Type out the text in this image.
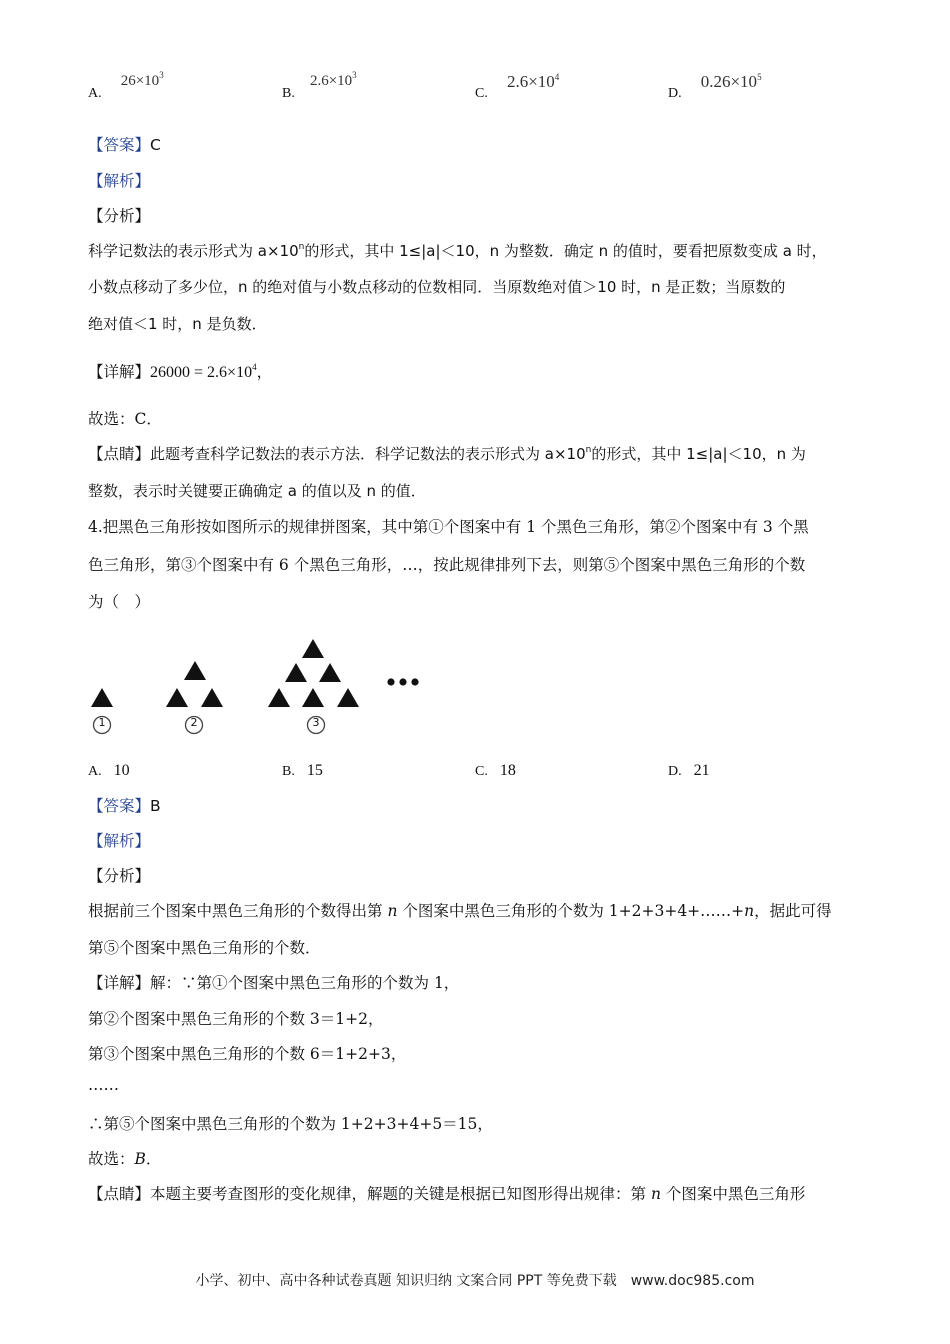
A. $26\times 10^3$
B. $2.6\times 10^3$
C. $2.6\times 10^4$
D. $0.26\times 10^5$
【答案】C
【解析】
【分析】
科学记数法的表示形式为 $a\times 10^n$的形式，其中 1≤|a|＜10，n 为整数．确定 n 的值时，要看把原数变成 a 时，
小数点移动了多少位，n 的绝对值与小数点移动的位数相同．当原数绝对值＞10 时，n 是正数；当原数的
绝对值＜1 时，n 是负数．
【详解】$26000 = 2.6\times 10^4$，
故选：C．
【点睛】此题考查科学记数法的表示方法．科学记数法的表示形式为 $a\times 10^n$的形式，其中 1≤|a|＜10，n 为
整数，表示时关键要正确确定 a 的值以及 n 的值．
4.把黑色三角形按如图所示的规律拼图案，其中第①个图案中有 1 个黑色三角形，第②个图案中有 3 个黑
色三角形，第③个图案中有 6 个黑色三角形，…，按此规律排列下去，则第⑤个图案中黑色三角形的个数
为（　）
1	2	3
A. 10	B. 15	C. 18	D. 21
【答案】B
【解析】
【分析】
根据前三个图案中黑色三角形的个数得出第 n 个图案中黑色三角形的个数为 1+2+3+4+……+n，据此可得
第⑤个图案中黑色三角形的个数．
【详解】解：∵第①个图案中黑色三角形的个数为 1，
第②个图案中黑色三角形的个数 3＝1+2，
第③个图案中黑色三角形的个数 6＝1+2+3，
……
∴第⑤个图案中黑色三角形的个数为 1+2+3+4+5＝15，
故选：B．
【点睛】本题主要考查图形的变化规律，解题的关键是根据已知图形得出规律：第 n 个图案中黑色三角形
小学、初中、高中各种试卷真题 知识归纳 文案合同 PPT 等免费下载　www.doc985.com
